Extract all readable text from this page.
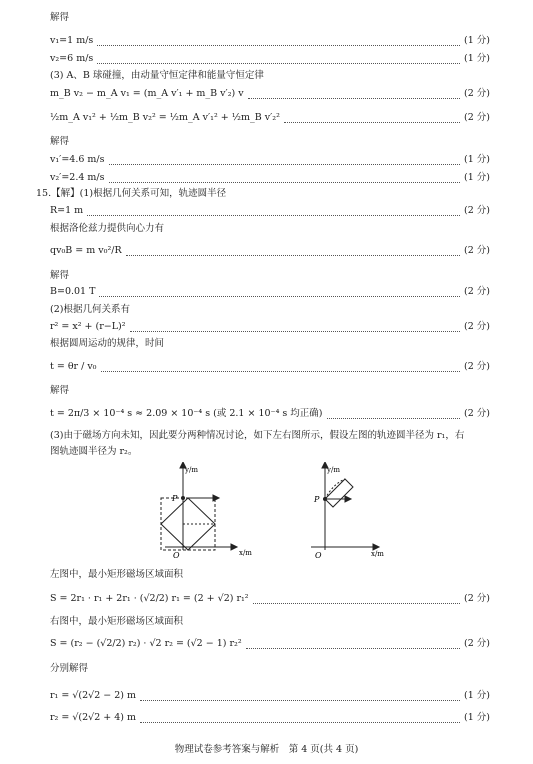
解得
v₁=1 m/s	(1 分)
v₂=6 m/s	(1 分)
(3) A、B 球碰撞，由动量守恒定律和能量守恒定律
m_B v₂ − m_A v₁ = (m_A v′₁ + m_B v′₂) v	(2 分)
½m_A v₁² + ½m_B v₂² = ½m_A v′₁² + ½m_B v′₂²	(2 分)
解得
v₁′=4.6 m/s	(1 分)
v₂′=2.4 m/s	(1 分)
15.【解】(1)根据几何关系可知，轨迹圆半径
R=1 m	(2 分)
根据洛伦兹力提供向心力有
qv₀B = m v₀²/R	(2 分)
解得
B=0.01 T	(2 分)
(2)根据几何关系有
r² = x² + (r−L)²	(2 分)
根据圆周运动的规律，时间
t = θr / v₀	(2 分)
解得
t = 2π/3 × 10⁻⁴ s ≈ 2.09 × 10⁻⁴ s (或 2.1 × 10⁻⁴ s 均正确)	(2 分)
(3)由于磁场方向未知，因此要分两种情况讨论，如下左右图所示，假设左图的轨迹圆半径为 r₁，右
图轨迹圆半径为 r₂。
P
y/m
x/m
O
P
y/m
x/m
O
左图中，最小矩形磁场区域面积
S = 2r₁ · r₁ + 2r₁ · (√2/2) r₁ = (2 + √2) r₁²	(2 分)
右图中，最小矩形磁场区域面积
S = (r₂ − (√2/2) r₂) · √2 r₂ = (√2 − 1) r₂²	(2 分)
分别解得
r₁ = √(2√2 − 2) m	(1 分)
r₂ = √(2√2 + 4) m	(1 分)
物理试卷参考答案与解析　第 4 页(共 4 页)
